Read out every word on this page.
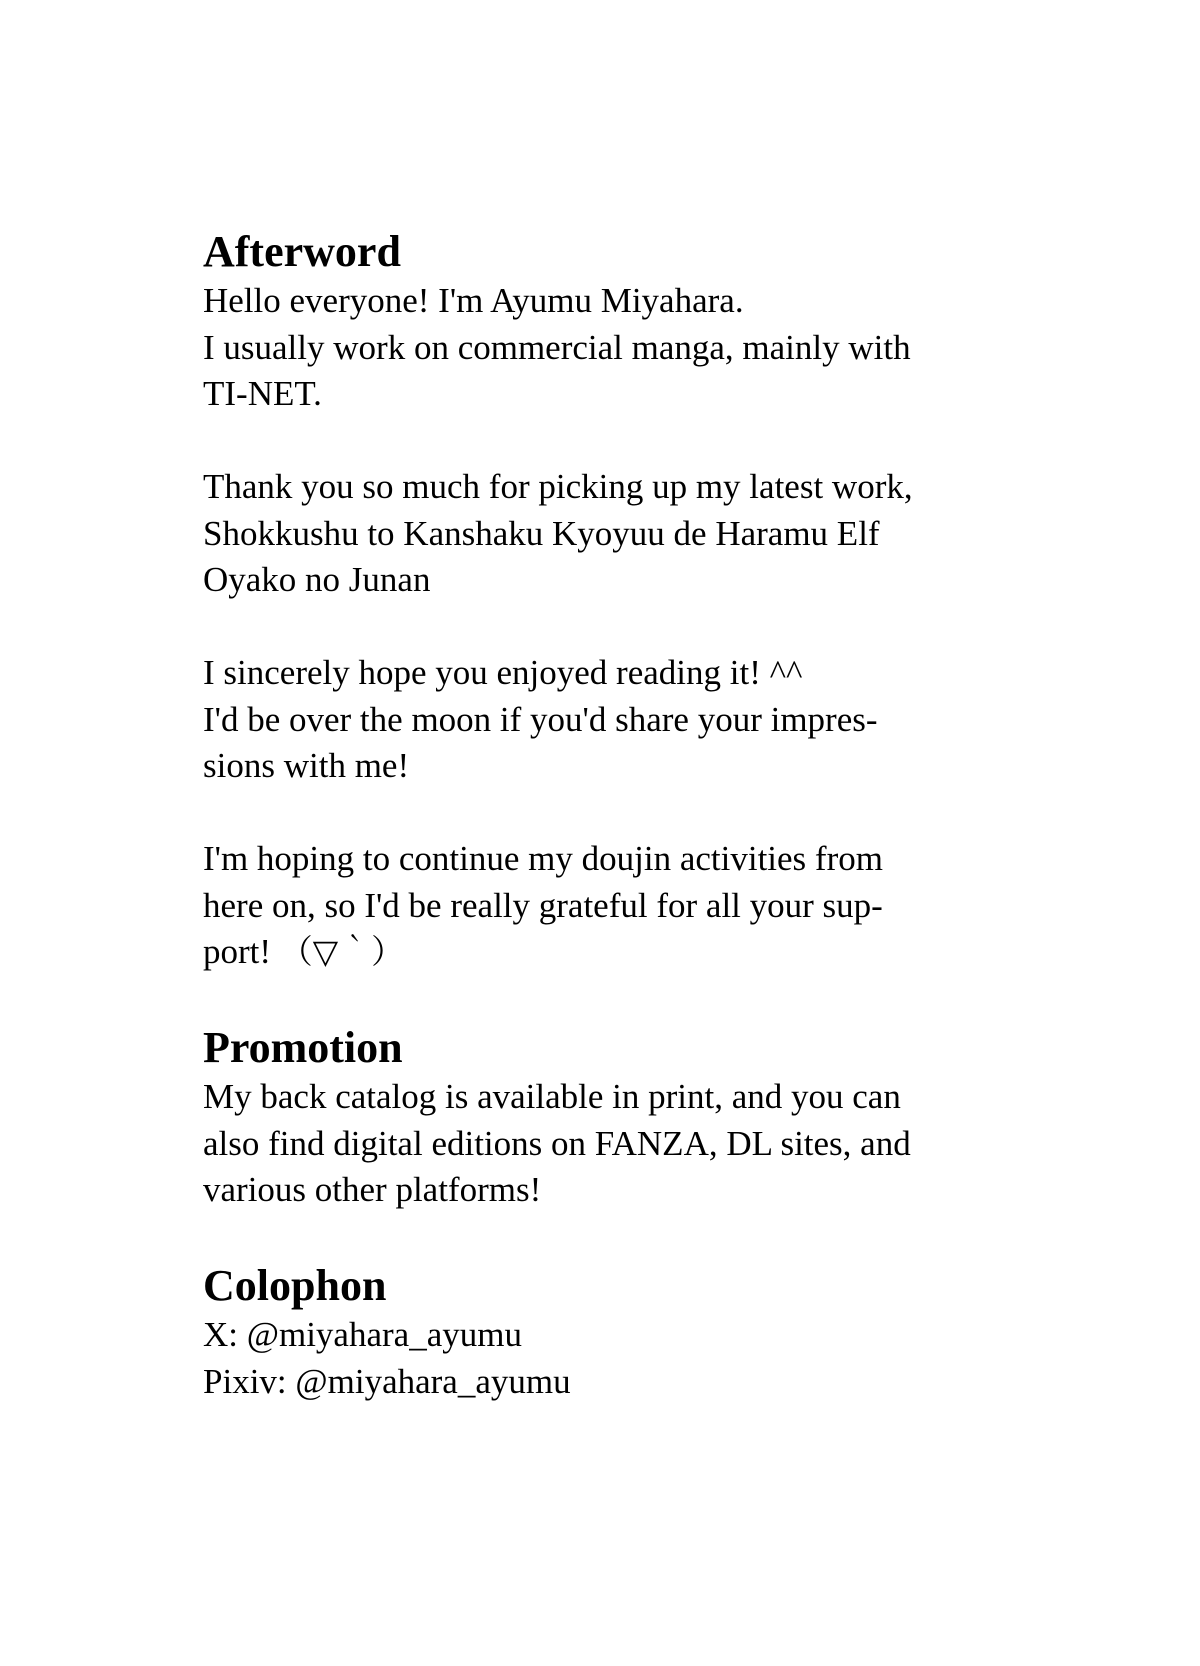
Afterword

Hello everyone! I'm Ayumu Miyahara.

I usually work on commercial manga, mainly with

TI-NET.

Thank you so much for picking up my latest work,

Shokkushu to Kanshaku Kyoyuu de Haramu Elf

Oyako no Junan

I sincerely hope you enjoyed reading it! ^^

I'd be over the moon if you'd share your impres-

sions with me!

I'm hoping to continue my doujin activities from

here on, so I'd be really grateful for all your sup-

port! （▽｀）

Promotion

My back catalog is available in print, and you can

also find digital editions on FANZA, DL sites, and

various other platforms!

Colophon

X: @miyahara_ayumu

Pixiv: @miyahara_ayumu
